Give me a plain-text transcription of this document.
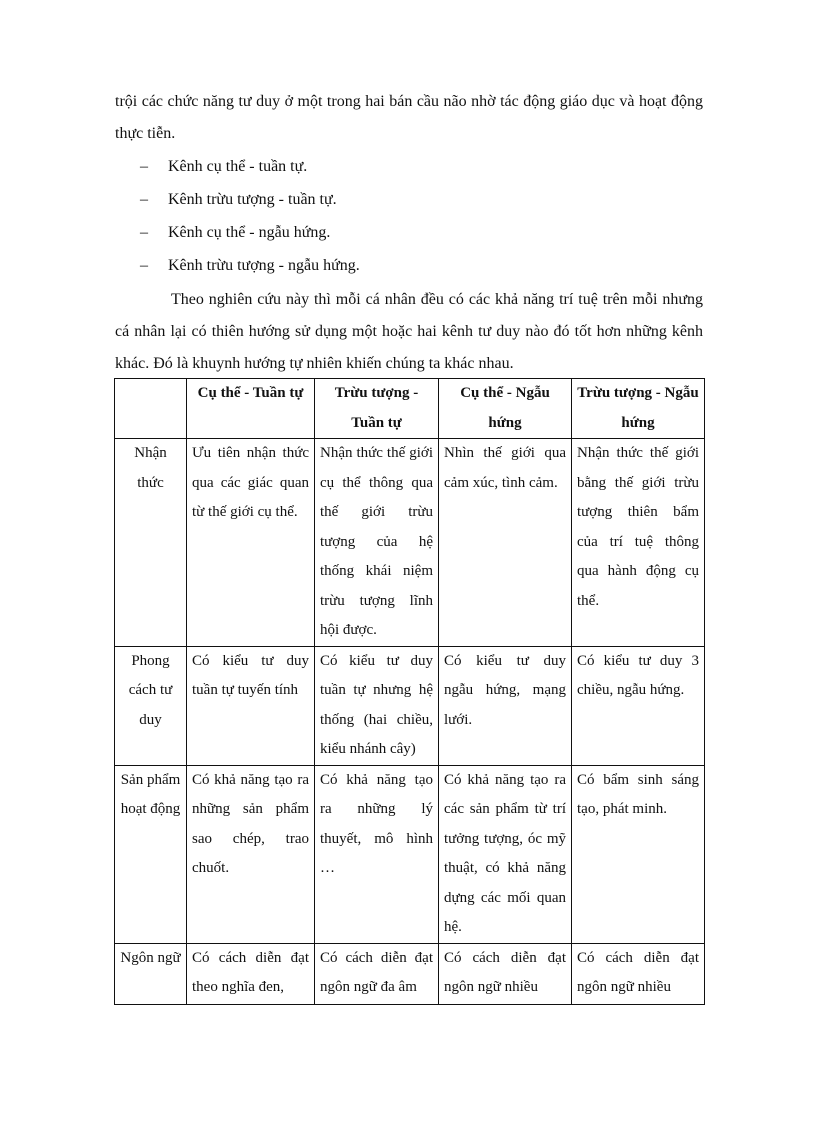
trội các chức năng tư duy ở một trong hai bán cầu não nhờ tác động giáo dục và hoạt động thực tiễn.

–	Kênh cụ thể - tuần tự.
–	Kênh trừu tượng - tuần tự.
–	Kênh cụ thể - ngẫu hứng.
–	Kênh trừu tượng - ngẫu hứng.

Theo nghiên cứu này thì mỗi cá nhân đều có các khả năng trí tuệ trên mỗi nhưng cá nhân lại có thiên hướng sử dụng một hoặc hai kênh tư duy nào đó tốt hơn những kênh khác. Đó là khuynh hướng tự nhiên khiến chúng ta khác nhau.

	Cụ thể - Tuần tự	Trừu tượng - Tuần tự	Cụ thể - Ngẫu hứng	Trừu tượng - Ngẫu hứng
Nhận thức	Ưu tiên nhận thức qua các giác quan từ thế giới cụ thể.	Nhận thức thế giới cụ thể thông qua thế giới trừu tượng của hệ thống khái niệm trừu tượng lĩnh hội được.	Nhìn thế giới qua cảm xúc, tình cảm.	Nhận thức thế giới bằng thế giới trừu tượng thiên bẩm của trí tuệ thông qua hành động cụ thể.
Phong cách tư duy	Có kiểu tư duy tuần tự tuyến tính	Có kiểu tư duy tuần tự nhưng hệ thống (hai chiều, kiểu nhánh cây)	Có kiểu tư duy ngẫu hứng, mạng lưới.	Có kiểu tư duy 3 chiều, ngẫu hứng.
Sản phẩm hoạt động	Có khả năng tạo ra những sản phẩm sao chép, trao chuốt.	Có khả năng tạo ra những lý thuyết, mô hình …	Có khả năng tạo ra các sản phẩm từ trí tưởng tượng, óc mỹ thuật, có khả năng dựng các mối quan hệ.	Có bẩm sinh sáng tạo, phát minh.
Ngôn ngữ	Có cách diễn đạt theo nghĩa đen,	Có cách diễn đạt ngôn ngữ đa âm	Có cách diễn đạt ngôn ngữ nhiều	Có cách diễn đạt ngôn ngữ nhiều
